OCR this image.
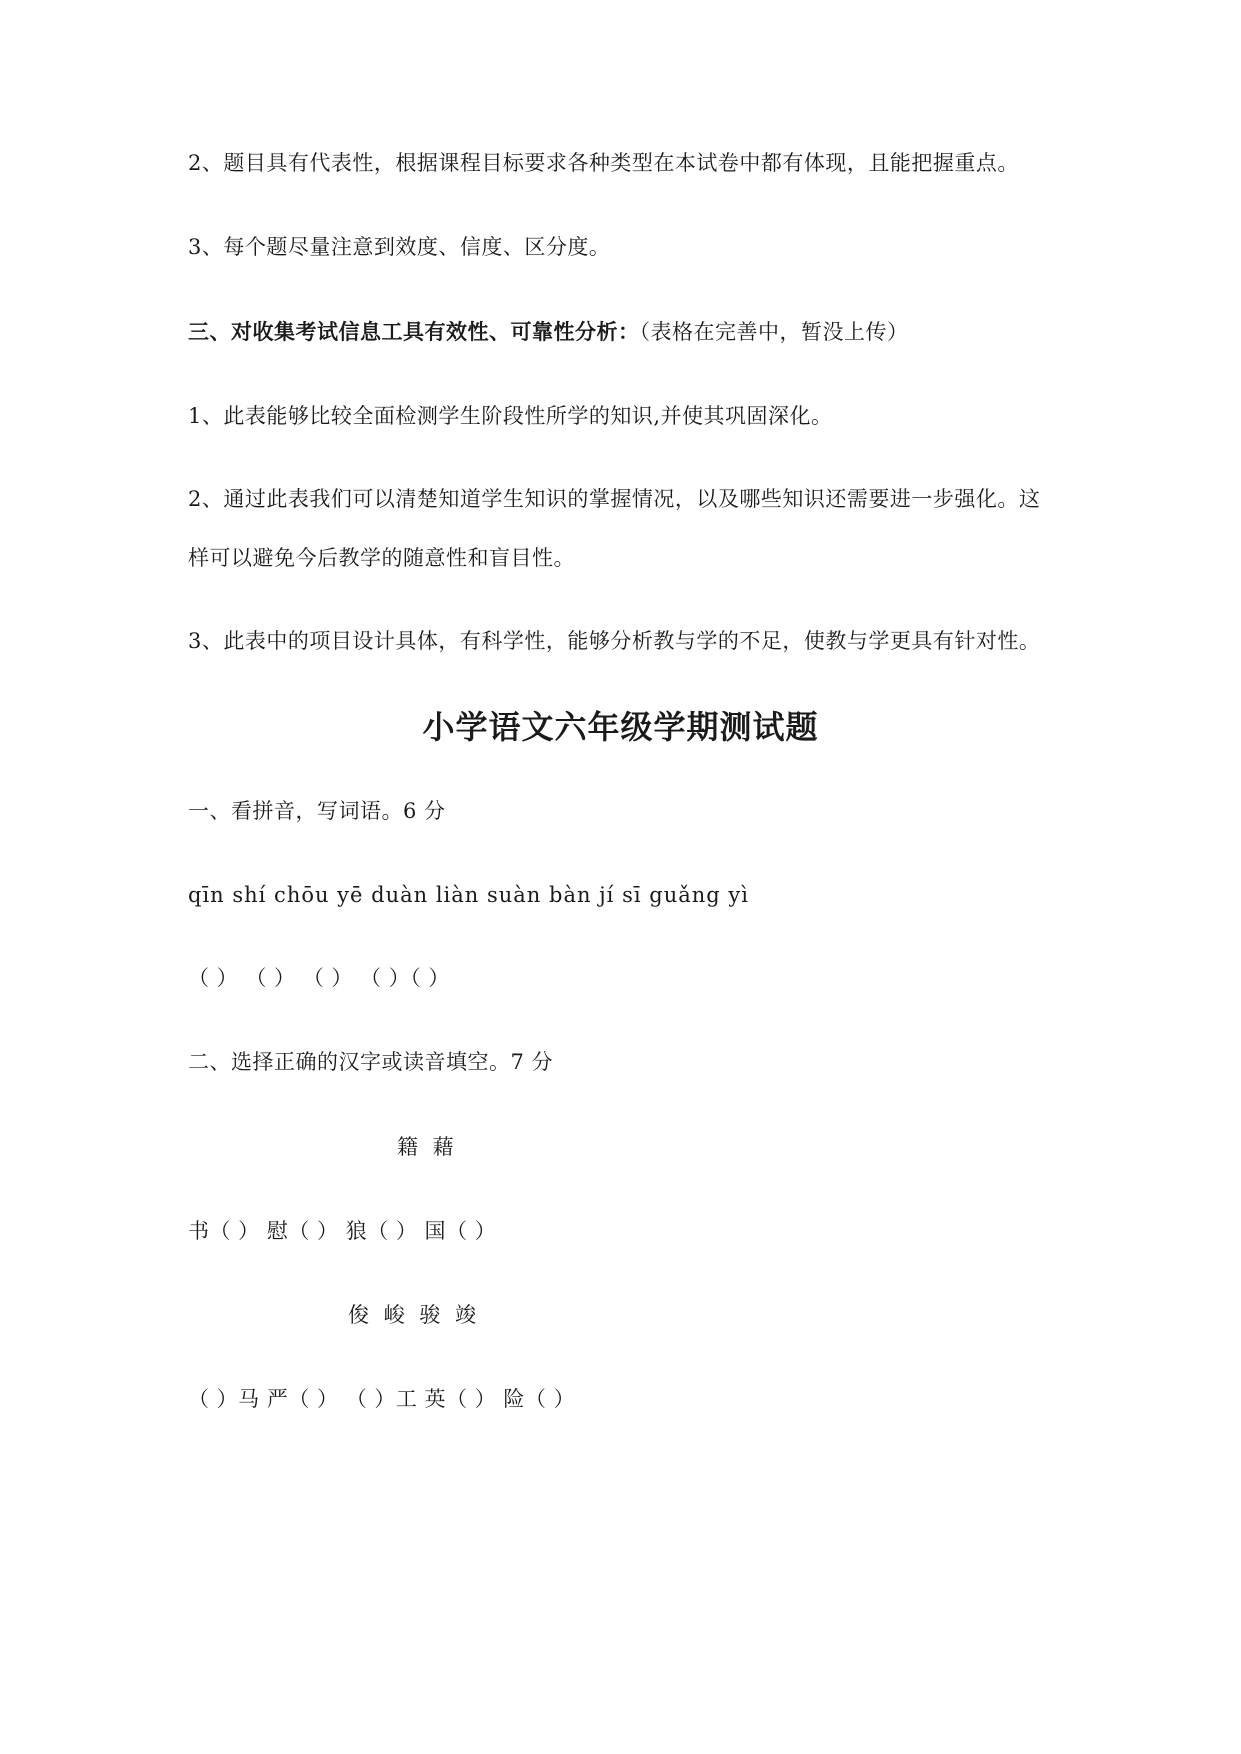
2、题目具有代表性，根据课程目标要求各种类型在本试卷中都有体现，且能把握重点。
3、每个题尽量注意到效度、信度、区分度。
三、对收集考试信息工具有效性、可靠性分析：（表格在完善中，暂没上传）
1、此表能够比较全面检测学生阶段性所学的知识,并使其巩固深化。
2、通过此表我们可以清楚知道学生知识的掌握情况，以及哪些知识还需要进一步强化。这
样可以避免今后教学的随意性和盲目性。
3、此表中的项目设计具体，有科学性，能够分析教与学的不足，使教与学更具有针对性。
小学语文六年级学期测试题
一、看拼音，写词语。6 分
qīn shí chōu yē duàn liàn suàn bàn jí sī guǎng yì
（ ） （ ） （ ） （ ）（ ）
二、选择正确的汉字或读音填空。7 分
籍 藉
书（ ） 慰（ ） 狼（ ） 国（ ）
俊 峻 骏 竣
（ ）马 严（ ） （ ）工 英（ ） 险（ ）
